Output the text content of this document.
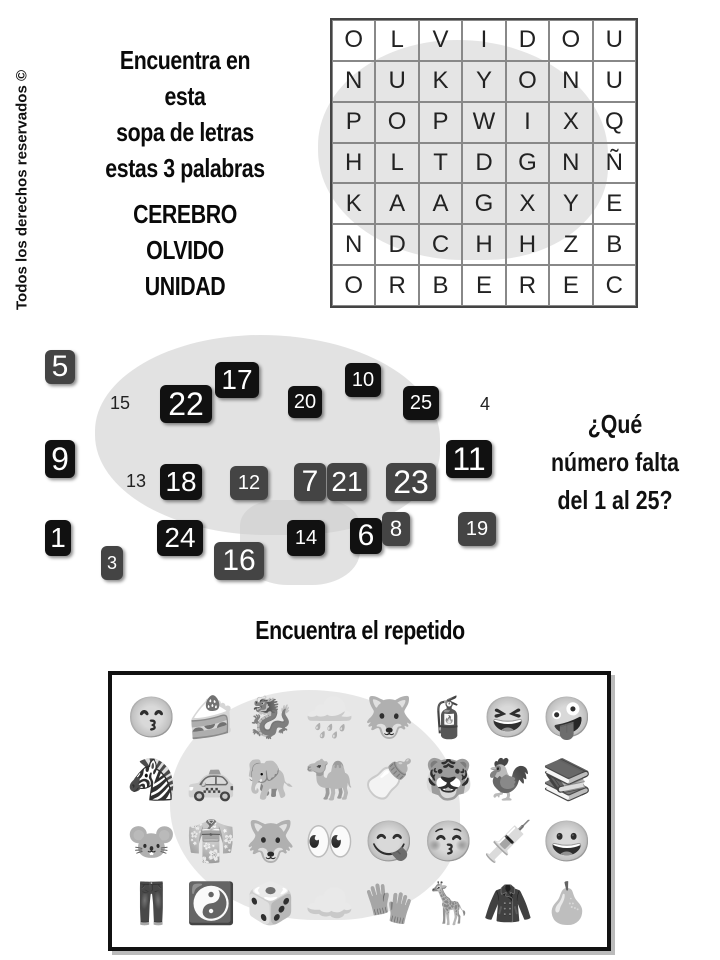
Todos los derechos reservados ©
Encuentra en esta
sopa de letras
estas 3 palabras
CEREBRO
OLVIDO
UNIDAD
O	L	V	I	D	O	U
N	U	K	Y	O	N	U
P	O	P	W	I	X	Q
H	L	T	D	G	N	Ñ
K	A	A	G	X	Y	E
N	D	C	H	H	Z	B
O	R	B	E	R	E	C
5
15 22
17
20
10
25	4
9
13 18	12 7 21 23
11
1	24
3	16
14 6 8	19
¿Qué
número falta
del 1 al 25?
Encuentra el repetido
😙 🍰 🐉 🌧️ 🐺 🧯 😆 🤪
🦓 🚕 🐘 🐪 🍼 🐯 🐓 📚
🐭 👘 🐺 👀 😋 😚 💉 😀
👖 ☯️ 🎲 ☁️ 🧤 🦒 🧥 🍐
